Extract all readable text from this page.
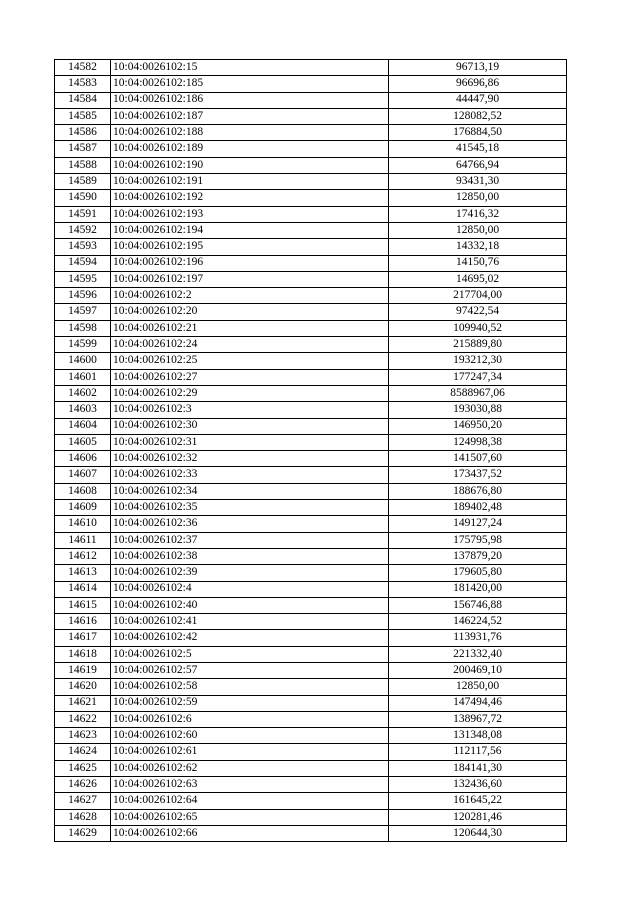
14582	10:04:0026102:15	96713,19
14583	10:04:0026102:185	96696,86
14584	10:04:0026102:186	44447,90
14585	10:04:0026102:187	128082,52
14586	10:04:0026102:188	176884,50
14587	10:04:0026102:189	41545,18
14588	10:04:0026102:190	64766,94
14589	10:04:0026102:191	93431,30
14590	10:04:0026102:192	12850,00
14591	10:04:0026102:193	17416,32
14592	10:04:0026102:194	12850,00
14593	10:04:0026102:195	14332,18
14594	10:04:0026102:196	14150,76
14595	10:04:0026102:197	14695,02
14596	10:04:0026102:2	217704,00
14597	10:04:0026102:20	97422,54
14598	10:04:0026102:21	109940,52
14599	10:04:0026102:24	215889,80
14600	10:04:0026102:25	193212,30
14601	10:04:0026102:27	177247,34
14602	10:04:0026102:29	8588967,06
14603	10:04:0026102:3	193030,88
14604	10:04:0026102:30	146950,20
14605	10:04:0026102:31	124998,38
14606	10:04:0026102:32	141507,60
14607	10:04:0026102:33	173437,52
14608	10:04:0026102:34	188676,80
14609	10:04:0026102:35	189402,48
14610	10:04:0026102:36	149127,24
14611	10:04:0026102:37	175795,98
14612	10:04:0026102:38	137879,20
14613	10:04:0026102:39	179605,80
14614	10:04:0026102:4	181420,00
14615	10:04:0026102:40	156746,88
14616	10:04:0026102:41	146224,52
14617	10:04:0026102:42	113931,76
14618	10:04:0026102:5	221332,40
14619	10:04:0026102:57	200469,10
14620	10:04:0026102:58	12850,00
14621	10:04:0026102:59	147494,46
14622	10:04:0026102:6	138967,72
14623	10:04:0026102:60	131348,08
14624	10:04:0026102:61	112117,56
14625	10:04:0026102:62	184141,30
14626	10:04:0026102:63	132436,60
14627	10:04:0026102:64	161645,22
14628	10:04:0026102:65	120281,46
14629	10:04:0026102:66	120644,30
